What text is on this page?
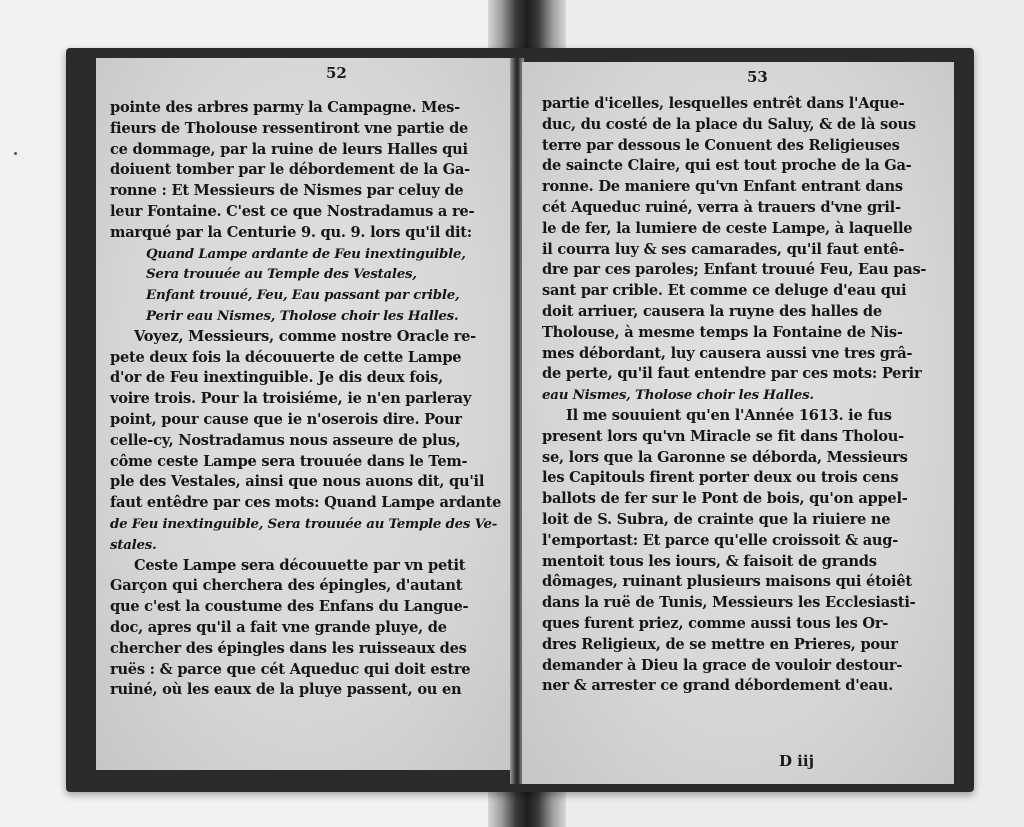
52
pointe des arbres parmy la Campagne. Mes-
fieurs de Tholouse ressentiront vne partie de
ce dommage, par la ruine de leurs Halles qui
doiuent tomber par le débordement de la Ga-
ronne : Et Messieurs de Nismes par celuy de
leur Fontaine. C'est ce que Nostradamus a re-
marqué par la Centurie 9. qu. 9. lors qu'il dit:
Quand Lampe ardante de Feu inextinguible,
Sera trouuée au Temple des Vestales,
Enfant trouué, Feu, Eau passant par crible,
Perir eau Nismes, Tholose choir les Halles.
Voyez, Messieurs, comme nostre Oracle re-
pete deux fois la découuerte de cette Lampe
d'or de Feu inextinguible. Je dis deux fois,
voire trois. Pour la troisiéme, ie n'en parleray
point, pour cause que ie n'oserois dire. Pour
celle-cy, Nostradamus nous asseure de plus,
côme ceste Lampe sera trouuée dans le Tem-
ple des Vestales, ainsi que nous auons dit, qu'il
faut entêdre par ces mots: Quand Lampe ardante
de Feu inextinguible, Sera trouuée au Temple des Ve-
stales.
Ceste Lampe sera découuette par vn petit
Garçon qui cherchera des épingles, d'autant
que c'est la coustume des Enfans du Langue-
doc, apres qu'il a fait vne grande pluye, de
chercher des épingles dans les ruisseaux des
ruës : & parce que cét Aqueduc qui doit estre
ruiné, où les eaux de la pluye passent, ou en
53
partie d'icelles, lesquelles entrêt dans l'Aque-
duc, du costé de la place du Saluy, & de là sous
terre par dessous le Conuent des Religieuses
de saincte Claire, qui est tout proche de la Ga-
ronne. De maniere qu'vn Enfant entrant dans
cét Aqueduc ruiné, verra à trauers d'vne gril-
le de fer, la lumiere de ceste Lampe, à laquelle
il courra luy & ses camarades, qu'il faut entê-
dre par ces paroles; Enfant trouué Feu, Eau pas-
sant par crible. Et comme ce deluge d'eau qui
doit arriuer, causera la ruyne des halles de
Tholouse, à mesme temps la Fontaine de Nis-
mes débordant, luy causera aussi vne tres grâ-
de perte, qu'il faut entendre par ces mots: Perir
eau Nismes, Tholose choir les Halles.
Il me souuient qu'en l'Année 1613. ie fus
present lors qu'vn Miracle se fit dans Tholou-
se, lors que la Garonne se déborda, Messieurs
les Capitouls firent porter deux ou trois cens
ballots de fer sur le Pont de bois, qu'on appel-
loit de S. Subra, de crainte que la riuiere ne
l'emportast: Et parce qu'elle croissoit & aug-
mentoit tous les iours, & faisoit de grands
dômages, ruinant plusieurs maisons qui étoiêt
dans la ruë de Tunis, Messieurs les Ecclesiasti-
ques furent priez, comme aussi tous les Or-
dres Religieux, de se mettre en Prieres, pour
demander à Dieu la grace de vouloir destour-
ner & arrester ce grand débordement d'eau.
D iij
